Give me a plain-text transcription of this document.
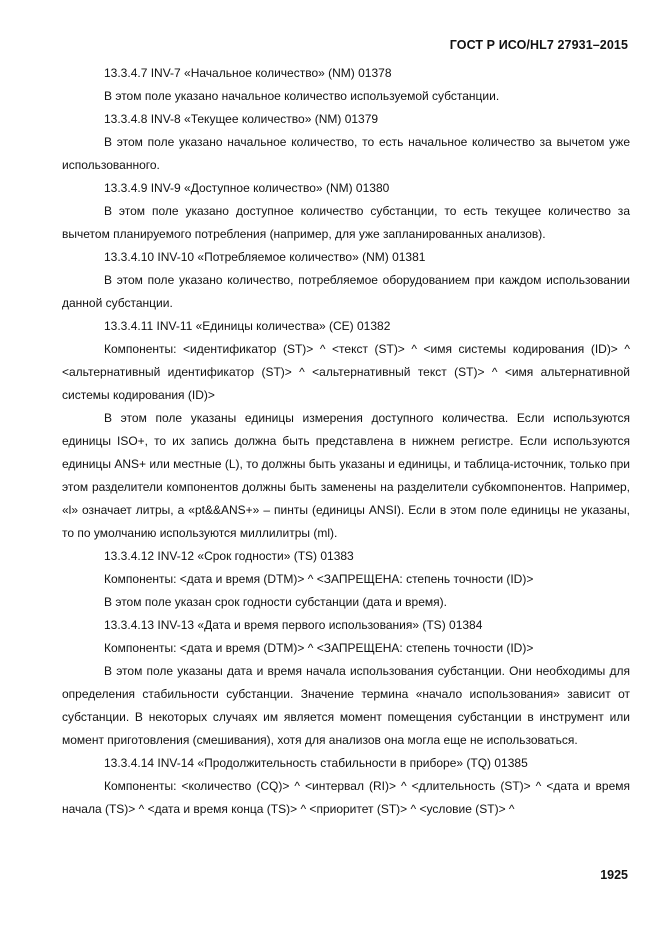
ГОСТ Р ИСО/HL7 27931–2015

13.3.4.7 INV-7 «Начальное количество» (NM) 01378

В этом поле указано начальное количество используемой субстанции.

13.3.4.8 INV-8 «Текущее количество» (NM) 01379

В этом поле указано начальное количество, то есть начальное количество за вычетом уже использованного.

13.3.4.9 INV-9 «Доступное количество» (NM) 01380

В этом поле указано доступное количество субстанции, то есть текущее количество за вычетом планируемого потребления (например, для уже запланированных анализов).

13.3.4.10 INV-10 «Потребляемое количество» (NM) 01381

В этом поле указано количество, потребляемое оборудованием при каждом использовании данной субстанции.

13.3.4.11 INV-11 «Единицы количества» (CE) 01382

Компоненты: <идентификатор (ST)> ^ <текст (ST)> ^ <имя системы кодирования (ID)> ^ <альтернативный идентификатор (ST)> ^ <альтернативный текст (ST)> ^ <имя альтернативной системы кодирования (ID)>

В этом поле указаны единицы измерения доступного количества. Если используются единицы ISO+, то их запись должна быть представлена в нижнем регистре. Если используются единицы ANS+ или местные (L), то должны быть указаны и единицы, и таблица-источник, только при этом разделители компонентов должны быть заменены на разделители субкомпонентов. Например, «l» означает литры, а «pt&&ANS+» – пинты (единицы ANSI). Если в этом поле единицы не указаны, то по умолчанию используются миллилитры (ml).

13.3.4.12 INV-12 «Срок годности» (TS) 01383

Компоненты: <дата и время (DTM)> ^ <ЗАПРЕЩЕНА: степень точности (ID)>

В этом поле указан срок годности субстанции (дата и время).

13.3.4.13 INV-13 «Дата и время первого использования» (TS) 01384

Компоненты: <дата и время (DTM)> ^ <ЗАПРЕЩЕНА: степень точности (ID)>

В этом поле указаны дата и время начала использования субстанции. Они необходимы для определения стабильности субстанции. Значение термина «начало использования» зависит от субстанции. В некоторых случаях им является момент помещения субстанции в инструмент или момент приготовления (смешивания), хотя для анализов она могла еще не использоваться.

13.3.4.14 INV-14 «Продолжительность стабильности в приборе» (TQ) 01385

Компоненты: <количество (CQ)> ^ <интервал (RI)> ^ <длительность (ST)> ^ <дата и время начала (TS)> ^ <дата и время конца (TS)> ^ <приоритет (ST)> ^ <условие (ST)> ^

1925
